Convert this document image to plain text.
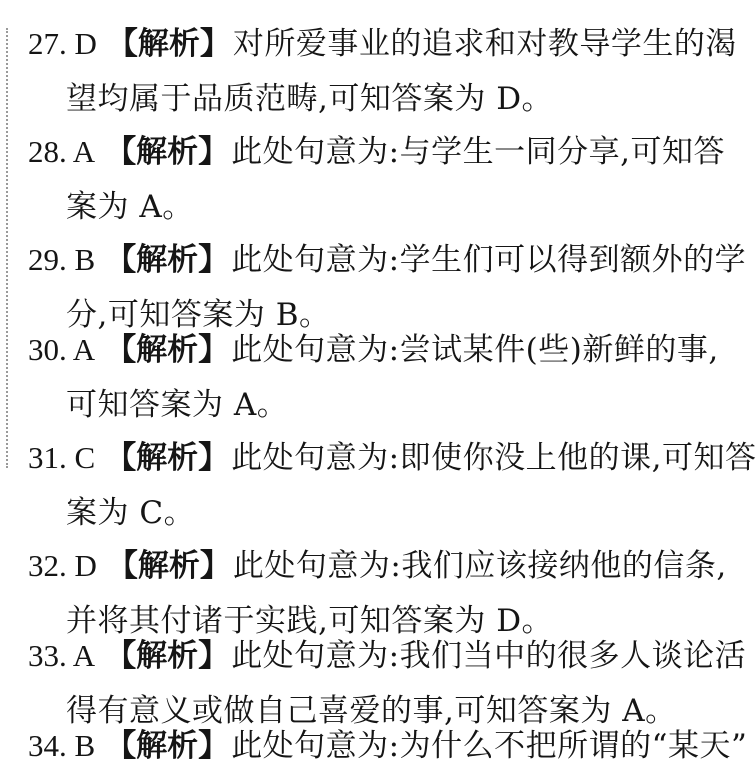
27. D 【解析】对所爱事业的追求和对教导学生的渴
望均属于品质范畴,可知答案为 D。

28. A 【解析】此处句意为:与学生一同分享,可知答
案为 A。

29. B 【解析】此处句意为:学生们可以得到额外的学
分,可知答案为 B。

30. A 【解析】此处句意为:尝试某件(些)新鲜的事,
可知答案为 A。

31. C 【解析】此处句意为:即使你没上他的课,可知答
案为 C。

32. D 【解析】此处句意为:我们应该接纳他的信条,
并将其付诸于实践,可知答案为 D。

33. A 【解析】此处句意为:我们当中的很多人谈论活
得有意义或做自己喜爱的事,可知答案为 A。

34. B 【解析】此处句意为:为什么不把所谓的“某天”
